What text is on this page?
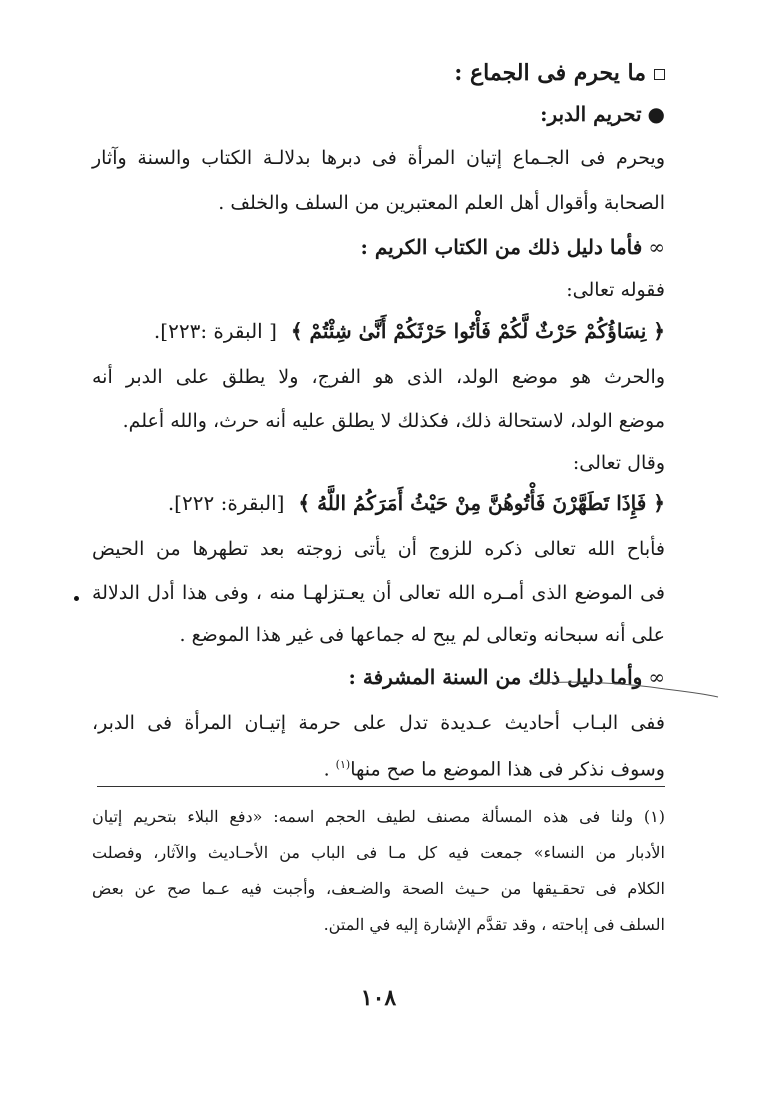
ما يحرم فى الجماع :
●تحريم الدبر:
ويحرم فى الجـماع إتيان المرأة فى دبرها بدلالـة الكتاب والسنة وآثار
الصحابة وأقوال أهل العلم المعتبرين من السلف والخلف .
∞فأما دليل ذلك من الكتاب الكريم :
فقوله تعالى:
﴿ نِسَاؤُكُمْ حَرْثٌ لَّكُمْ فَأْتُوا حَرْثَكُمْ أَنَّىٰ شِئْتُمْ ﴾  [ البقرة :٢٢٣].
والحرث هو موضع الولد، الذى هو الفرج، ولا يطلق على الدبر أنه
موضع الولد، لاستحالة ذلك، فكذلك لا يطلق عليه أنه حرث، والله أعلم.
وقال تعالى:
﴿ فَإِذَا تَطَهَّرْنَ فَأْتُوهُنَّ مِنْ حَيْثُ أَمَرَكُمُ اللَّهُ ﴾  [البقرة: ٢٢٢].
فأباح الله تعالى ذكره للزوج أن يأتى زوجته بعد تطهرها من الحيض
فى الموضع الذى أمـره الله تعالى أن يعـتزلهـا منه ، وفى هذا أدل الدلالة
على أنه سبحانه وتعالى لم يبح له جماعها فى غير هذا الموضع .
∞وأما دليل ذلك من السنة المشرفة :
ففى البـاب أحاديث عـديدة تدل على حرمة إتيـان المرأة فى الدبر،
وسوف نذكر فى هذا الموضع ما صح منها$^{(١)}$ .
(١) ولنا فى هذه المسألة مصنف لطيف الحجم اسمه: «دفع البلاء بتحريم إتيان
الأدبار من النساء» جمعت فيه كل مـا فى الباب من الأحـاديث والآثار، وفصلت
الكلام فى تحقـيقها من حـيث الصحة والضـعف، وأجبت فيه عـما صح عن بعض
السلف فى إباحته ، وقد تقدَّم الإشارة إليه في المتن.
١٠٨
